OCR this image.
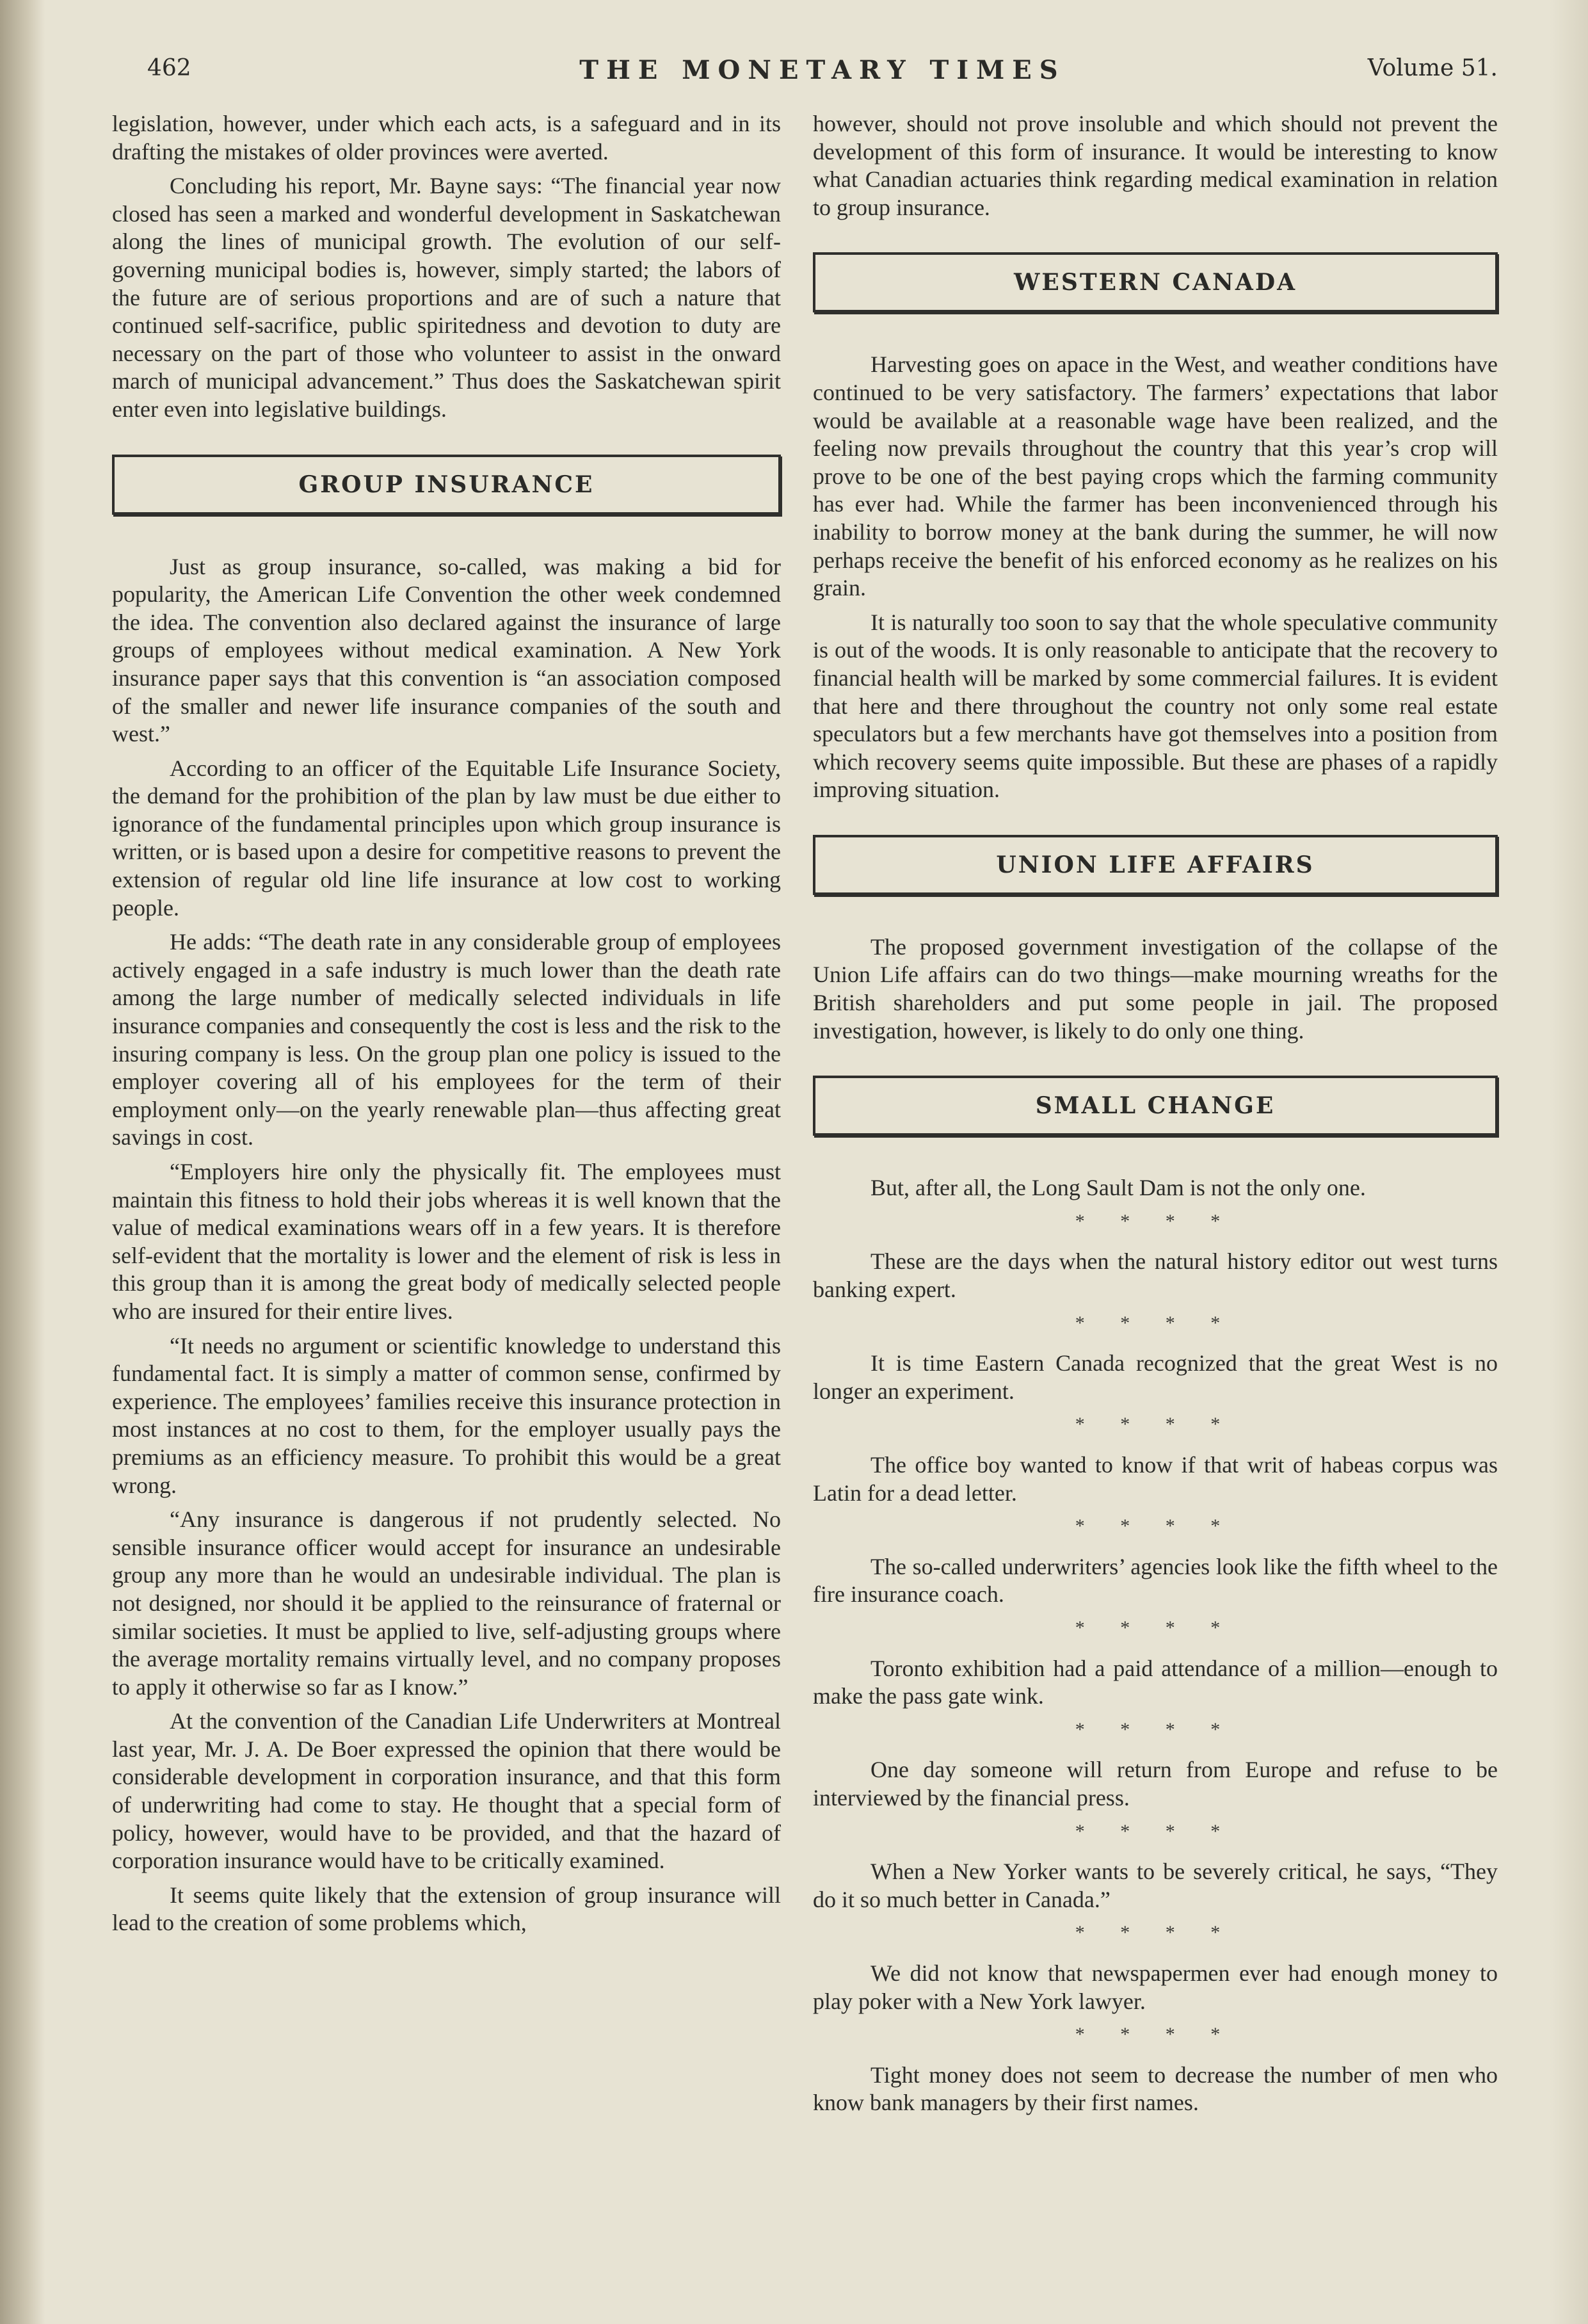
462	THE MONETARY TIMES	Volume 51.

legislation, however, under which each acts, is a safeguard and in its drafting the mistakes of older provinces were averted.

Concluding his report, Mr. Bayne says: “The financial year now closed has seen a marked and wonderful development in Saskatchewan along the lines of municipal growth. The evolution of our self-governing municipal bodies is, however, simply started; the labors of the future are of serious proportions and are of such a nature that continued self-sacrifice, public spiritedness and devotion to duty are necessary on the part of those who volunteer to assist in the onward march of municipal advancement.” Thus does the Saskatchewan spirit enter even into legislative buildings.

GROUP INSURANCE

Just as group insurance, so-called, was making a bid for popularity, the American Life Convention the other week condemned the idea. The convention also declared against the insurance of large groups of employees without medical examination. A New York insurance paper says that this convention is “an association composed of the smaller and newer life insurance companies of the south and west.”

According to an officer of the Equitable Life Insurance Society, the demand for the prohibition of the plan by law must be due either to ignorance of the fundamental principles upon which group insurance is written, or is based upon a desire for competitive reasons to prevent the extension of regular old line life insurance at low cost to working people.

He adds: “The death rate in any considerable group of employees actively engaged in a safe industry is much lower than the death rate among the large number of medically selected individuals in life insurance companies and consequently the cost is less and the risk to the insuring company is less. On the group plan one policy is issued to the employer covering all of his employees for the term of their employment only—on the yearly renewable plan—thus affecting great savings in cost.

“Employers hire only the physically fit. The employees must maintain this fitness to hold their jobs whereas it is well known that the value of medical examinations wears off in a few years. It is therefore self-evident that the mortality is lower and the element of risk is less in this group than it is among the great body of medically selected people who are insured for their entire lives.

“It needs no argument or scientific knowledge to understand this fundamental fact. It is simply a matter of common sense, confirmed by experience. The employees’ families receive this insurance protection in most instances at no cost to them, for the employer usually pays the premiums as an efficiency measure. To prohibit this would be a great wrong.

“Any insurance is dangerous if not prudently selected. No sensible insurance officer would accept for insurance an undesirable group any more than he would an undesirable individual. The plan is not designed, nor should it be applied to the reinsurance of fraternal or similar societies. It must be applied to live, self-adjusting groups where the average mortality remains virtually level, and no company proposes to apply it otherwise so far as I know.”

At the convention of the Canadian Life Underwriters at Montreal last year, Mr. J. A. De Boer expressed the opinion that there would be considerable development in corporation insurance, and that this form of underwriting had come to stay. He thought that a special form of policy, however, would have to be provided, and that the hazard of corporation insurance would have to be critically examined.

It seems quite likely that the extension of group insurance will lead to the creation of some problems which,

however, should not prove insoluble and which should not prevent the development of this form of insurance. It would be interesting to know what Canadian actuaries think regarding medical examination in relation to group insurance.

WESTERN CANADA

Harvesting goes on apace in the West, and weather conditions have continued to be very satisfactory. The farmers’ expectations that labor would be available at a reasonable wage have been realized, and the feeling now prevails throughout the country that this year’s crop will prove to be one of the best paying crops which the farming community has ever had. While the farmer has been inconvenienced through his inability to borrow money at the bank during the summer, he will now perhaps receive the benefit of his enforced economy as he realizes on his grain.

It is naturally too soon to say that the whole speculative community is out of the woods. It is only reasonable to anticipate that the recovery to financial health will be marked by some commercial failures. It is evident that here and there throughout the country not only some real estate speculators but a few merchants have got themselves into a position from which recovery seems quite impossible. But these are phases of a rapidly improving situation.

UNION LIFE AFFAIRS

The proposed government investigation of the collapse of the Union Life affairs can do two things—make mourning wreaths for the British shareholders and put some people in jail. The proposed investigation, however, is likely to do only one thing.

SMALL CHANGE

But, after all, the Long Sault Dam is not the only one.

* * * *

These are the days when the natural history editor out west turns banking expert.

* * * *

It is time Eastern Canada recognized that the great West is no longer an experiment.

* * * *

The office boy wanted to know if that writ of habeas corpus was Latin for a dead letter.

* * * *

The so-called underwriters’ agencies look like the fifth wheel to the fire insurance coach.

* * * *

Toronto exhibition had a paid attendance of a million—enough to make the pass gate wink.

* * * *

One day someone will return from Europe and refuse to be interviewed by the financial press.

* * * *

When a New Yorker wants to be severely critical, he says, “They do it so much better in Canada.”

* * * *

We did not know that newspapermen ever had enough money to play poker with a New York lawyer.

* * * *

Tight money does not seem to decrease the number of men who know bank managers by their first names.
